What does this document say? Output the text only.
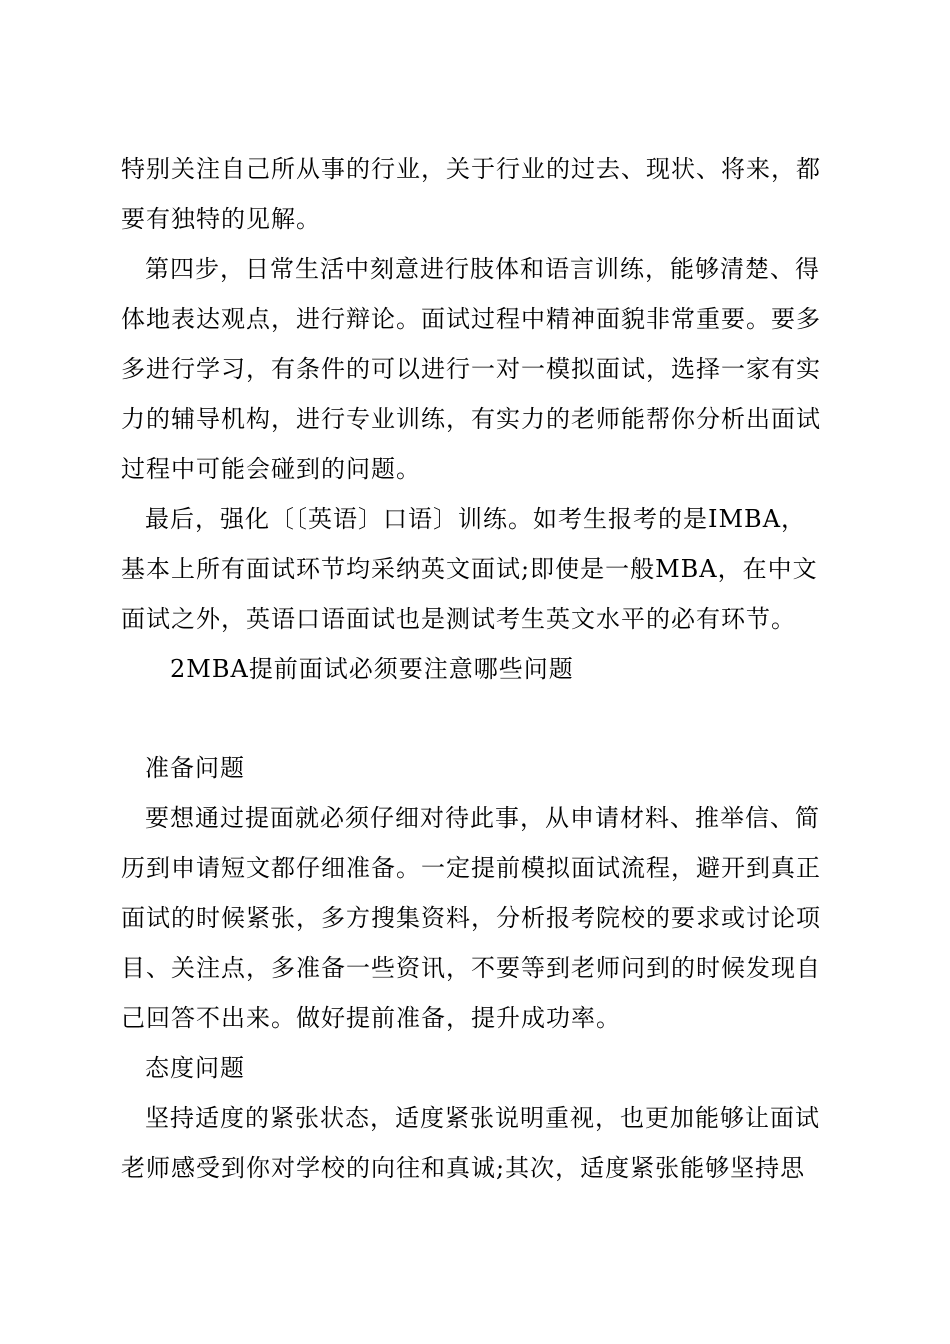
特别关注自己所从事的行业，关于行业的过去、现状、将来，都
要有独特的见解。
第四步，日常生活中刻意进行肢体和语言训练，能够清楚、得
体地表达观点，进行辩论。面试过程中精神面貌非常重要。要多
多进行学习，有条件的可以进行一对一模拟面试，选择一家有实
力的辅导机构，进行专业训练，有实力的老师能帮你分析出面试
过程中可能会碰到的问题。
最后，强化〔〔英语〕口语〕训练。如考生报考的是IMBA，
基本上所有面试环节均采纳英文面试;即使是一般MBA，在中文
面试之外，英语口语面试也是测试考生英文水平的必有环节。
2MBA提前面试必须要注意哪些问题
准备问题
要想通过提面就必须仔细对待此事，从申请材料、推举信、简
历到申请短文都仔细准备。一定提前模拟面试流程，避开到真正
面试的时候紧张，多方搜集资料，分析报考院校的要求或讨论项
目、关注点，多准备一些资讯，不要等到老师问到的时候发现自
己回答不出来。做好提前准备，提升成功率。
态度问题
坚持适度的紧张状态，适度紧张说明重视，也更加能够让面试
老师感受到你对学校的向往和真诚;其次，适度紧张能够坚持思
